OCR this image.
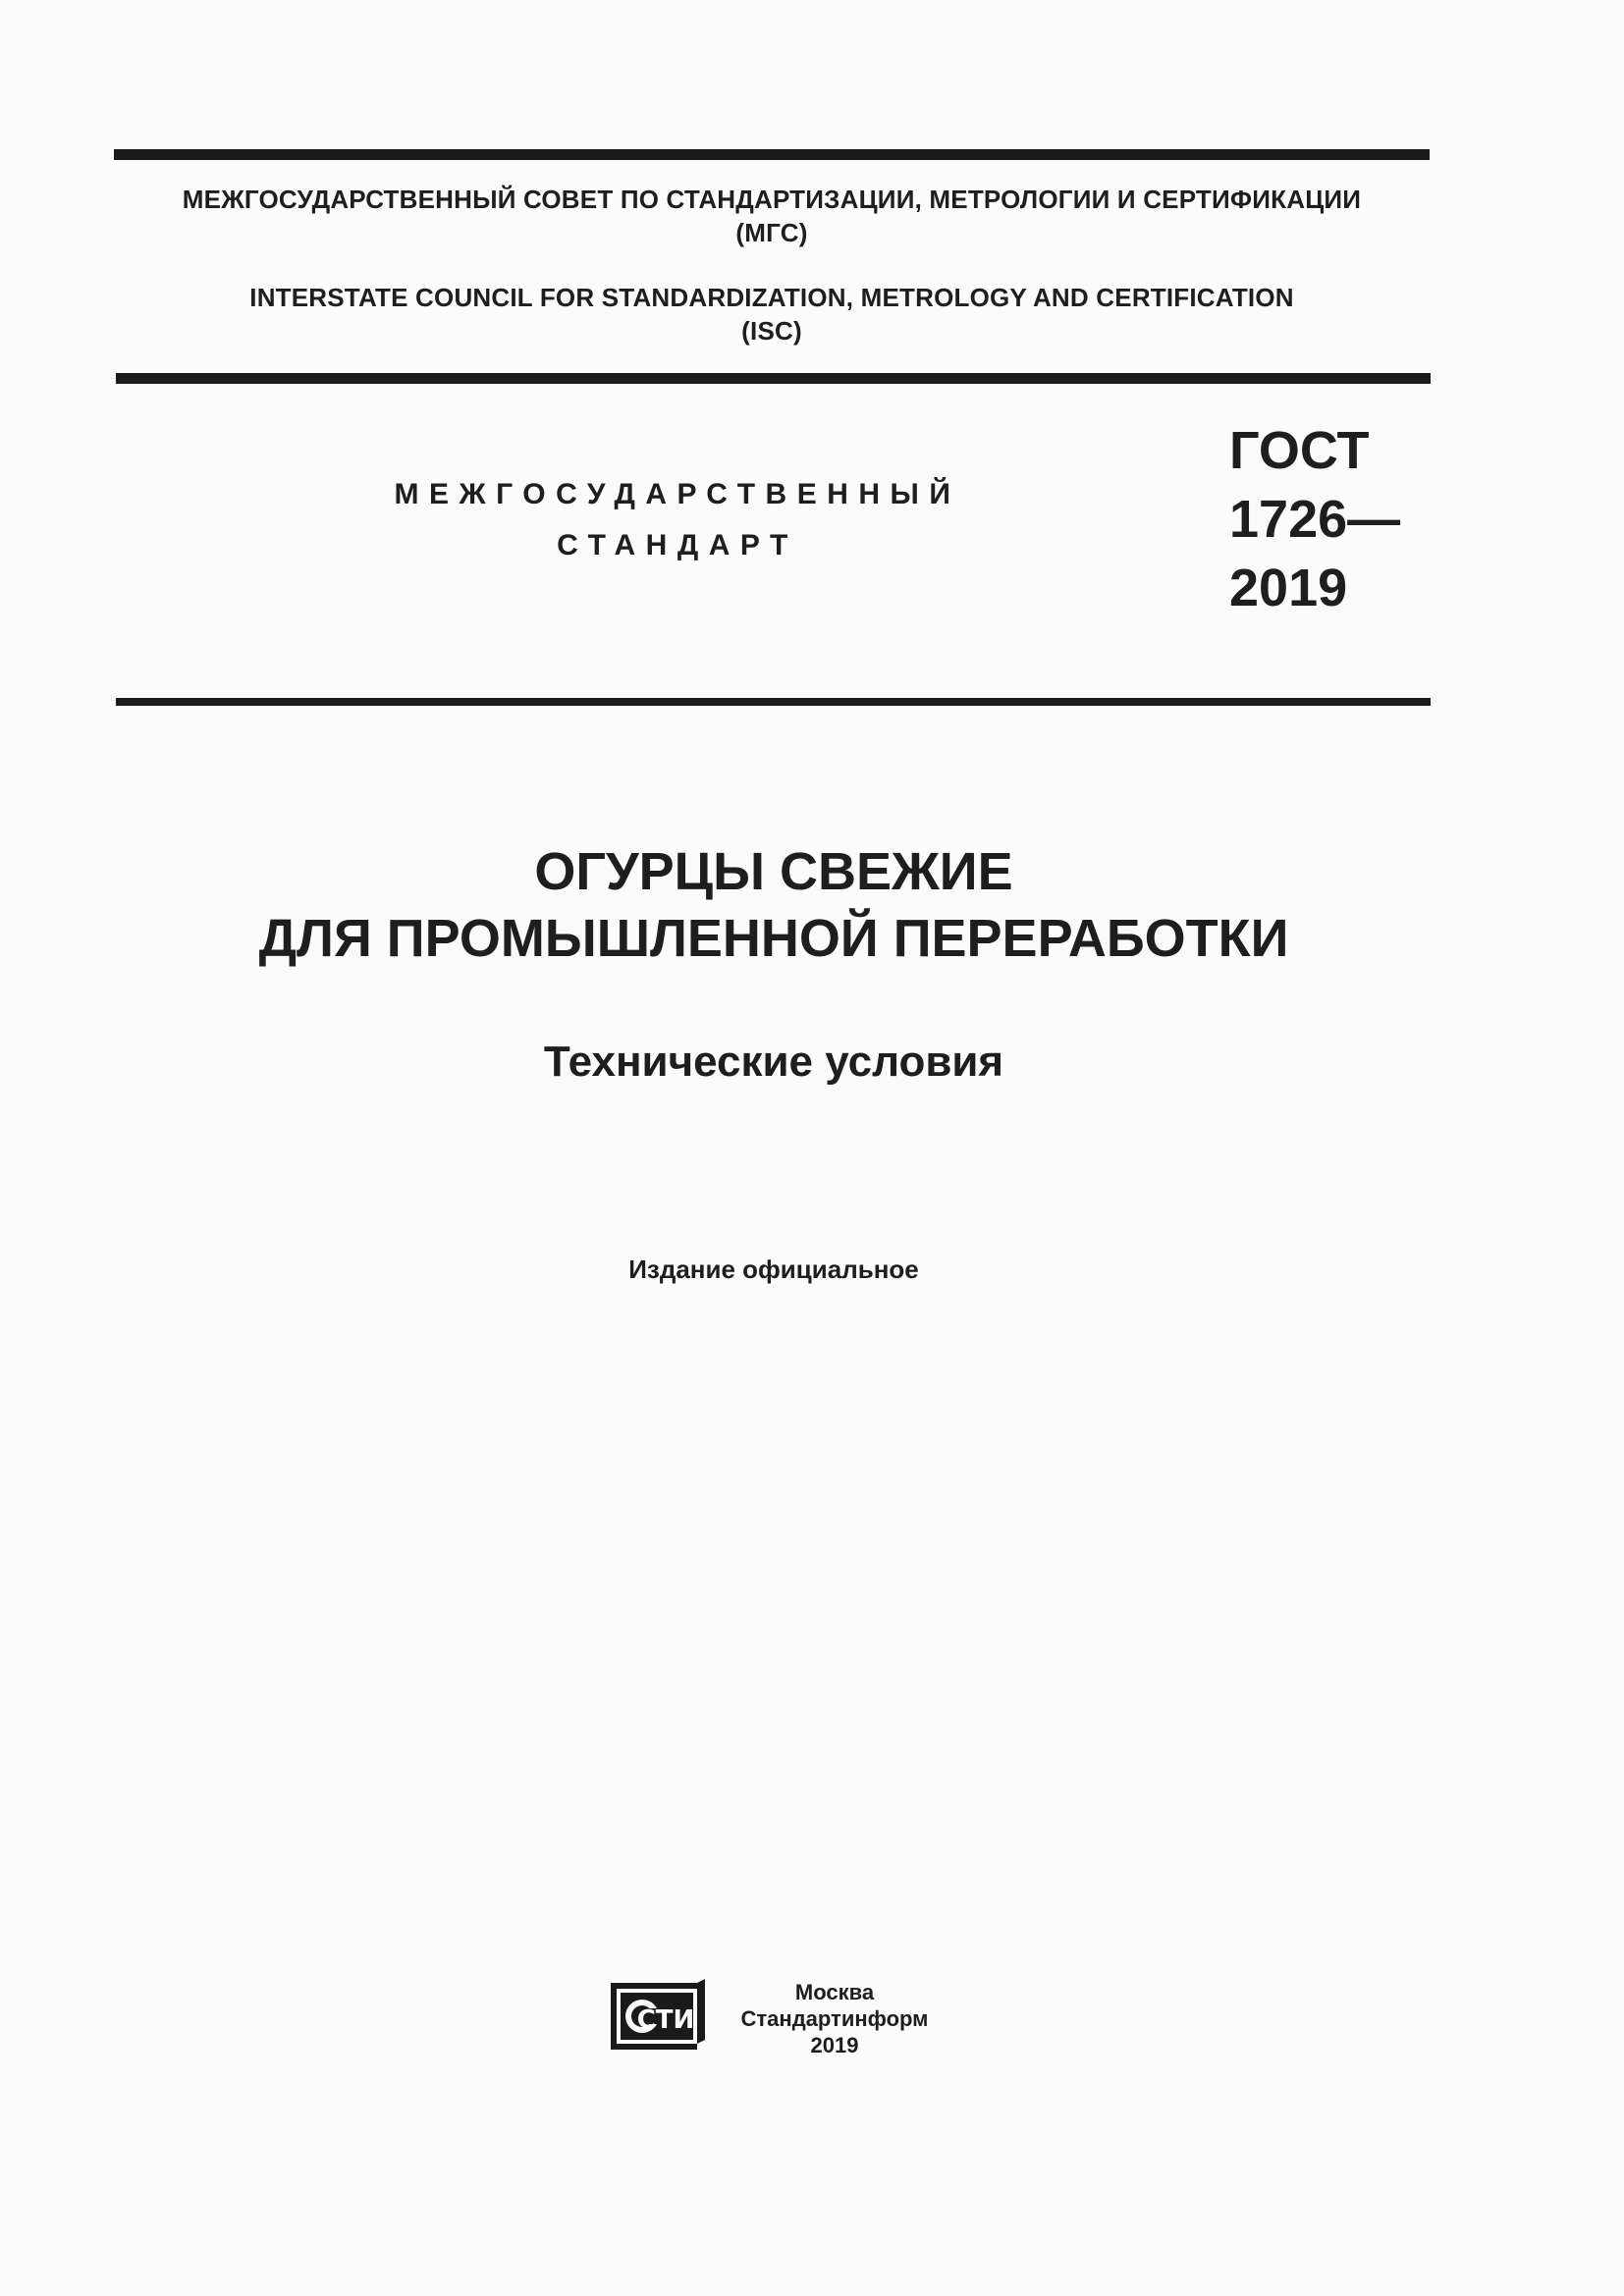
МЕЖГОСУДАРСТВЕННЫЙ СОВЕТ ПО СТАНДАРТИЗАЦИИ, МЕТРОЛОГИИ И СЕРТИФИКАЦИИ
(МГС)
INTERSTATE COUNCIL FOR STANDARDIZATION, METROLOGY AND CERTIFICATION
(ISC)
МЕЖГОСУДАРСТВЕННЫЙ
СТАНДАРТ
ГОСТ
1726—
2019
ОГУРЦЫ СВЕЖИЕ
ДЛЯ ПРОМЫШЛЕННОЙ ПЕРЕРАБОТКИ
Технические условия
Издание официальное
СТИ
Москва
Стандартинформ
2019
